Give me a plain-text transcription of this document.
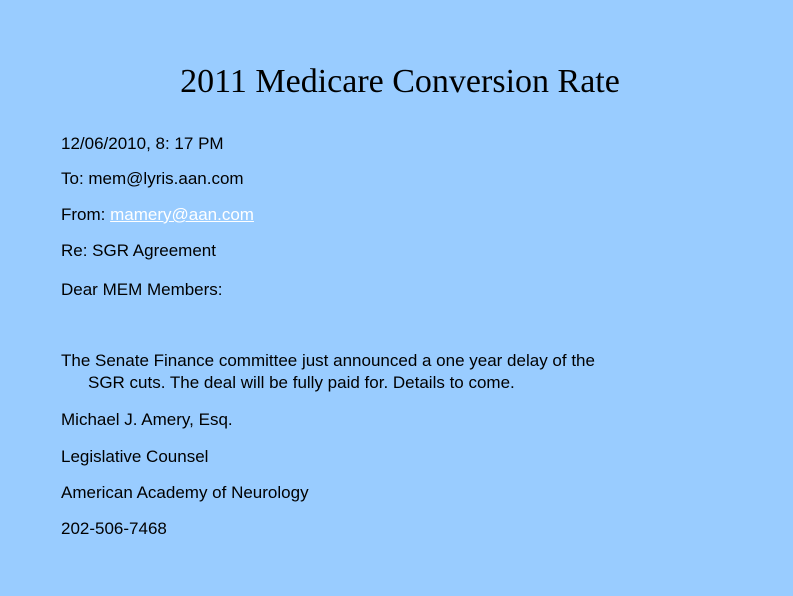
2011 Medicare Conversion Rate
12/06/2010, 8: 17 PM
To: mem@lyris.aan.com
From: mamery@aan.com
Re: SGR Agreement
Dear MEM Members:
The Senate Finance committee just announced a one year delay of the
SGR cuts. The deal will be fully paid for. Details to come.
Michael J. Amery, Esq.
Legislative Counsel
American Academy of Neurology
202-506-7468
